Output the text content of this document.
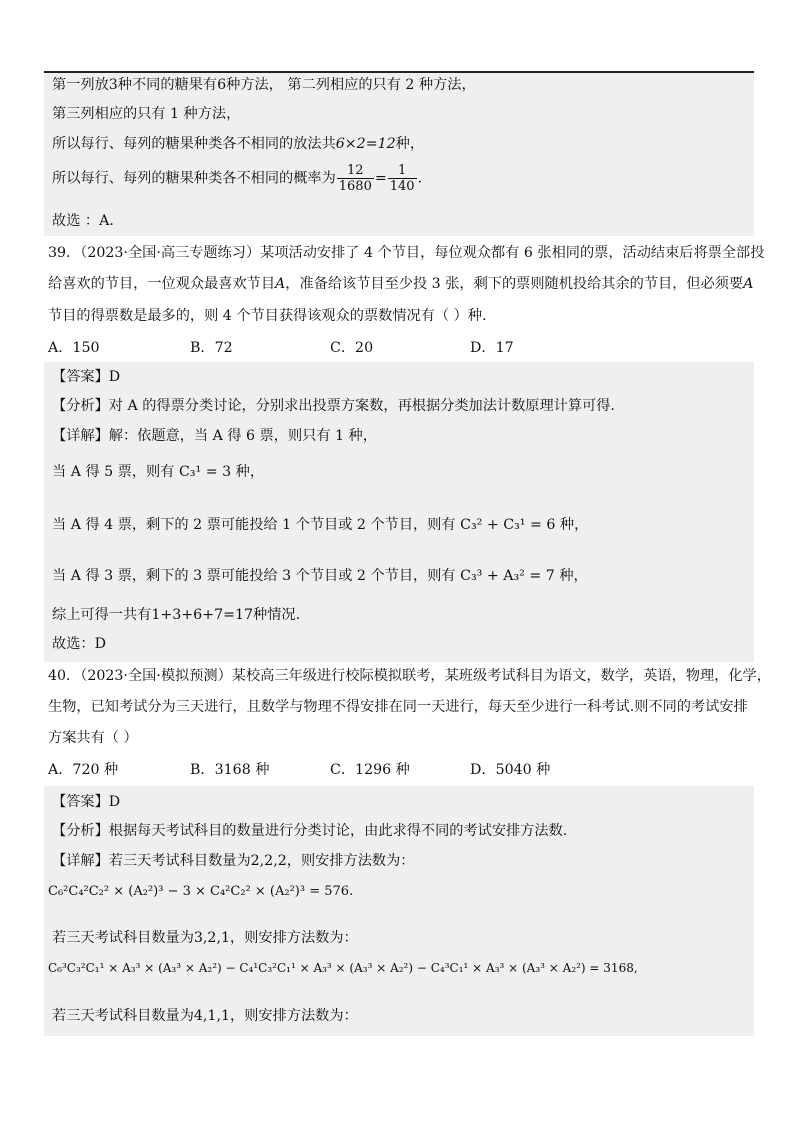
第一列放3种不同的糖果有6种方法， 第二列相应的只有 2 种方法，
第三列相应的只有 1 种方法，
所以每行、每列的糖果种类各不相同的放法共6×2=12种，
所以每行、每列的糖果种类各不相同的概率为 $\frac{12}{1680} = \frac{1}{140}$ .
故选 ：A.
39．（2023·全国·高三专题练习）某项活动安排了 4 个节目，每位观众都有 6 张相同的票，活动结束后将票全部投
给喜欢的节目，一位观众最喜欢节目A，准备给该节目至少投 3 张，剩下的票则随机投给其余的节目，但必须要A
节目的得票数是最多的，则 4 个节目获得该观众的票数情况有（ ）种.
A．150	B．72	C．20	D．17
【答案】D
【分析】对 A 的得票分类讨论，分别求出投票方案数，再根据分类加法计数原理计算可得.
【详解】解：依题意，当 A 得 6 票，则只有 1 种，
当 A 得 5 票，则有 C₃¹ = 3 种，
当 A 得 4 票，剩下的 2 票可能投给 1 个节目或 2 个节目，则有 C₃² + C₃¹ = 6 种，
当 A 得 3 票，剩下的 3 票可能投给 3 个节目或 2 个节目，则有 C₃³ + A₃² = 7 种，
综上可得一共有1+3+6+7=17种情况.
故选：D
40．（2023·全国·模拟预测）某校高三年级进行校际模拟联考，某班级考试科目为语文，数学，英语，物理，化学，
生物，已知考试分为三天进行，且数学与物理不得安排在同一天进行，每天至少进行一科考试.则不同的考试安排
方案共有（ ）
A．720 种	B．3168 种	C．1296 种	D．5040 种
【答案】D
【分析】根据每天考试科目的数量进行分类讨论，由此求得不同的考试安排方法数.
【详解】若三天考试科目数量为2,2,2，则安排方法数为：
C₆²C₄²C₂² × (A₂²)³ − 3 × C₄²C₂² × (A₂²)³ = 576.
若三天考试科目数量为3,2,1，则安排方法数为：
C₆³C₃²C₁¹ × A₃³ × (A₃³ × A₂²) − C₄¹C₃²C₁¹ × A₃³ × (A₃³ × A₂²) − C₄³C₁¹ × A₃³ × (A₃³ × A₂²) = 3168,
若三天考试科目数量为4,1,1，则安排方法数为：
